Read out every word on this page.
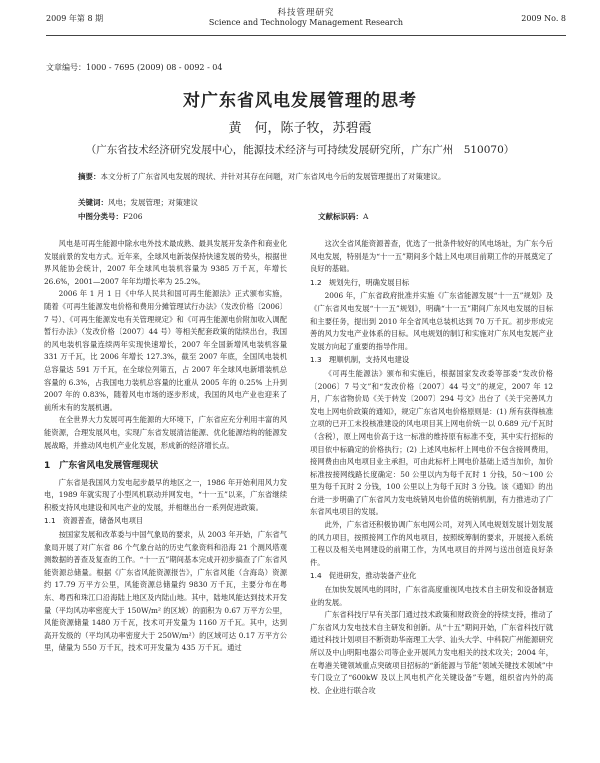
2009 年第 8 期
科技管理研究
Science and Technology Management Research	2009 No. 8
文章编号：1000 - 7695 (2009) 08 - 0092 - 04
对广东省风电发展管理的思考
黄　何，陈子牧，苏碧霞
（广东省技术经济研究发展中心，能源技术经济与可持续发展研究所，广东广州　510070）
摘要：本文分析了广东省风电发展的现状、并针对其存在问题，对广东省风电今后的发展管理提出了对策建议。
关键词：风电；发展管理；对策建议
中图分类号：F206	文献标识码：A

风电是可再生能源中除水电外技术最成熟、最具发展开发条件和商业化发展前景的发电方式。近年来，全球风电新装保持快速发展的势头，根据世界风能协会统计，2007 年全球风电装机容量为 9385 万千瓦，年增长 26.6%，2001—2007 年年均增长率为 25.2%。

2006 年 1 月 1 日《中华人民共和国可再生能源法》正式颁布实施，随着《可再生能源发电价格和费用分摊管理试行办法》（发改价格〔2006〕7 号）、《可再生能源发电有关管理规定》和《可再生能源电价附加收入调配暂行办法》（发改价格〔2007〕44 号）等相关配套政策的陆续出台，我国的风电装机容量连续两年实现快速增长，2007 年全国新增风电装机容量 331 万千瓦，比 2006 年增长 127.3%，截至 2007 年底，全国风电装机总容量达 591 万千瓦，在全球位列第五，占 2007 年全球风电新增装机总容量的 6.3%，占我国电力装机总容量的比重从 2005 年的 0.25% 上升到 2007 年的 0.83%，随着风电市场的逐步形成，我国的风电产业也迎来了前所未有的发展机遇。

在全世界大力发展可再生能源的大环境下，广东省应充分利用丰富的风能资源，合理发展风电，实现广东省发展清洁能源、优化能源结构的能源发展战略，并推动风电机产业化发展，形成新的经济增长点。

1　广东省风电发展管理现状

广东省是我国风力发电起步最早的地区之一，1986 年开始利用风力发电，1989 年就实现了小型风机联动并网发电，“十一五”以来，广东省继续积极支持风电建设和风电产业的发展，并相继出台一系列促进政策。

1.1　资源普查，储备风电项目

按国家发展和改革委与中国气象局的要求，从 2003 年开始，广东省气象局开展了对广东省 86 个气象台站的历史气象资料和沿海 21 个测风塔观测数据的普查及复查的工作。“十一五”期间基本完成开初步搞查了广东省风能资源总储量。根据《广东省风能资源报告》，广东省风能（含海岛）资源约 17.79 万平方公里，风能资源总储量约 9830 万千瓦，主要分布在粤东、粤西和珠江口沿海陆上地区及内陆山地。其中，陆地风能达到技术开发量（平均风功率密度大于 150W/m² 的区域）的面积为 0.67 万平方公里，风能资源储量 1480 万千瓦，技术可开发量为 1160 万千瓦。其中，达到高开发级的（平均风功率密度大于 250W/m²）的区域可达 0.17 万平方公里，储量为 550 万千瓦，技术可开发量为 435 万千瓦。通过

这次全省风能资源普查，优选了一批条件较好的风电场址，为广东今后风电发展，特别是为“十一五”期间多个陆上风电项目前期工作的开展奠定了良好的基础。

1.2　规划先行，明确发展目标

2006 年，广东省政府批准并实施《广东省能源发展“十一五”规划》及《广东省风电发展“十一五”规划》，明确“十一五”期间广东风电发展的目标和主要任务，提出到 2010 年全省风电总装机达到 70 万千瓦。初步形成完善的风力发电产业体系的目标。风电规划的制订和实施对广东风电发展产业发展方向起了重要的指导作用。

1.3　理顺机制，支持风电建设

《可再生能源法》颁布和实施后，根据国家发改委等部委“发改价格〔2006〕7 号文”和“发改价格〔2007〕44 号文”的规定，2007 年 12 月，广东省物价局《关于转发〔2007〕294 号文》出台了《关于完善风力发电上网电价政策的通知》，规定广东省风电价格原则是：(1) 所有获得核准立项的已开工未投核准建设的风电项目其上网电价统一以 0.689 元/千瓦时（含税），原上网电价高于这一标准的维持原有标准不变，其中实行招标的项目依中标确定的价格执行；(2) 上述风电标杆上网电价不包含接网费用，接网费由由风电项目业主承担，可由此标杆上网电价基础上适当加价，加价标准按接网线路长度确定：50 公里以内为每千瓦时 1 分钱，50～100 公里为每千瓦时 2 分钱，100 公里以上为每千瓦时 3 分钱。该《通知》的出台进一步明确了广东省风力发电统销风电价值的统销机制，有力推进动了广东省风电项目的发展。

此外，广东省还积极协调广东电网公司，对列入风电规划发展计划发展的风力项目，按照接网工作的风电项目，按照统筹制的要求，开展接入系统工程以及相关电网建设的前期工作，为风电项目的并网与送出创造良好条件。

1.4　促进研发，推动装备产业化

在加快发展风电的同时，广东省高度重视风电技术自主研发和设备制造业的发展。

广东省科技厅早有关部门通过技术政策和财政资金的持续支持，推动了广东省风力发电技术自主研发和创新。从“十五”期间开始，广东省科技厅就通过科技计划项目不断资助华南理工大学、汕头大学、中科院广州能源研究所以及中山明阳电器公司等企业开展风力发电相关的技术攻关；2004 年，在粤港关键领域重点突破项目招标的“新能源与节能”领域关键技术领域”中专门设立了“600kW 及以上风电机产化关键设备”专题，组织省内外的高校、企业进行联合攻
